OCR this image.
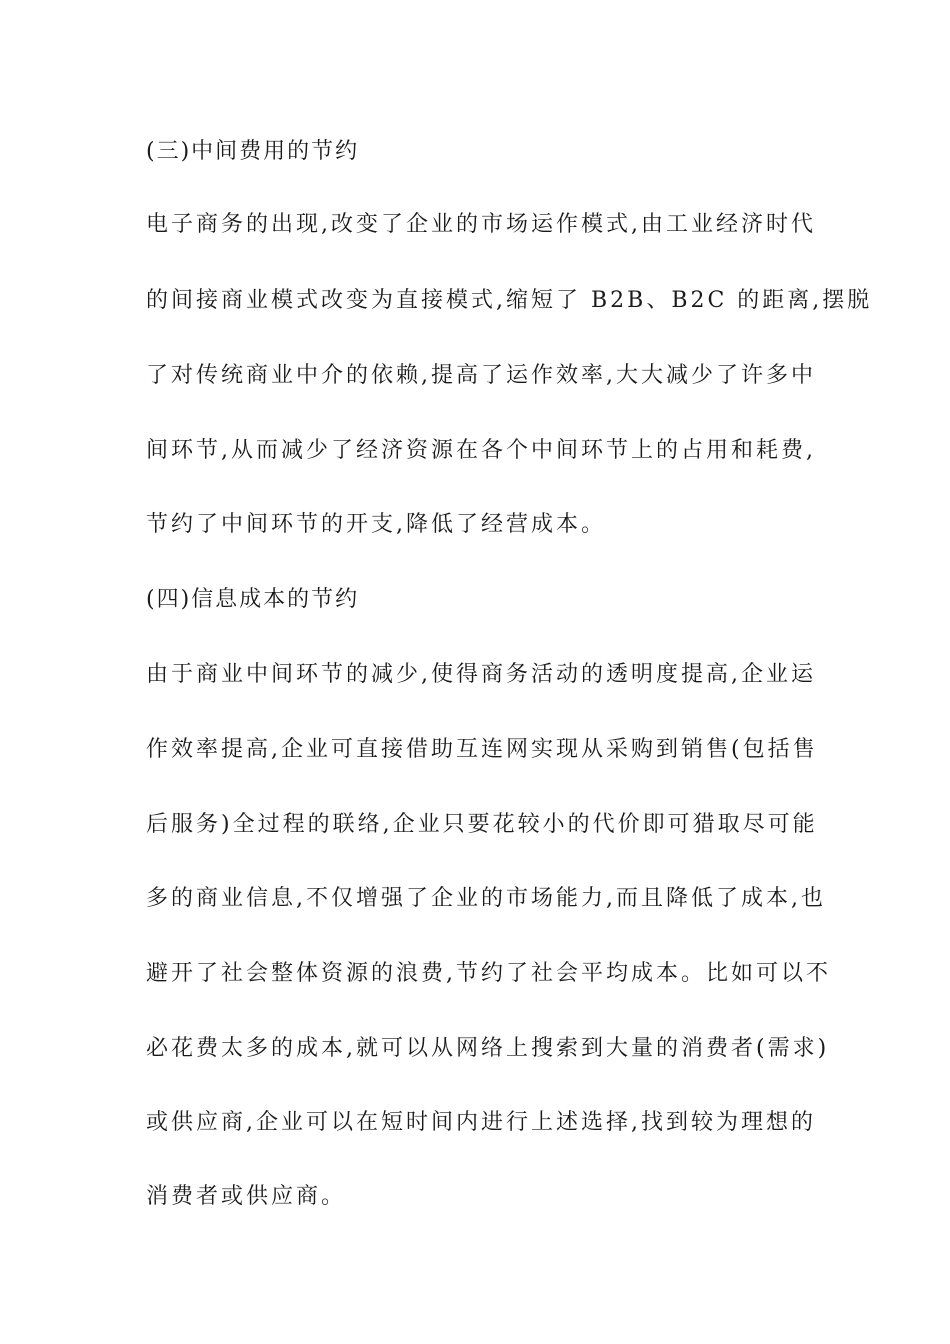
(三)中间费用的节约
电子商务的出现,改变了企业的市场运作模式,由工业经济时代
的间接商业模式改变为直接模式,缩短了 B2B、B2C 的距离,摆脱
了对传统商业中介的依赖,提高了运作效率,大大减少了许多中
间环节,从而减少了经济资源在各个中间环节上的占用和耗费,
节约了中间环节的开支,降低了经营成本。
(四)信息成本的节约
由于商业中间环节的减少,使得商务活动的透明度提高,企业运
作效率提高,企业可直接借助互连网实现从采购到销售(包括售
后服务)全过程的联络,企业只要花较小的代价即可猎取尽可能
多的商业信息,不仅增强了企业的市场能力,而且降低了成本,也
避开了社会整体资源的浪费,节约了社会平均成本。比如可以不
必花费太多的成本,就可以从网络上搜索到大量的消费者(需求)
或供应商,企业可以在短时间内进行上述选择,找到较为理想的
消费者或供应商。
